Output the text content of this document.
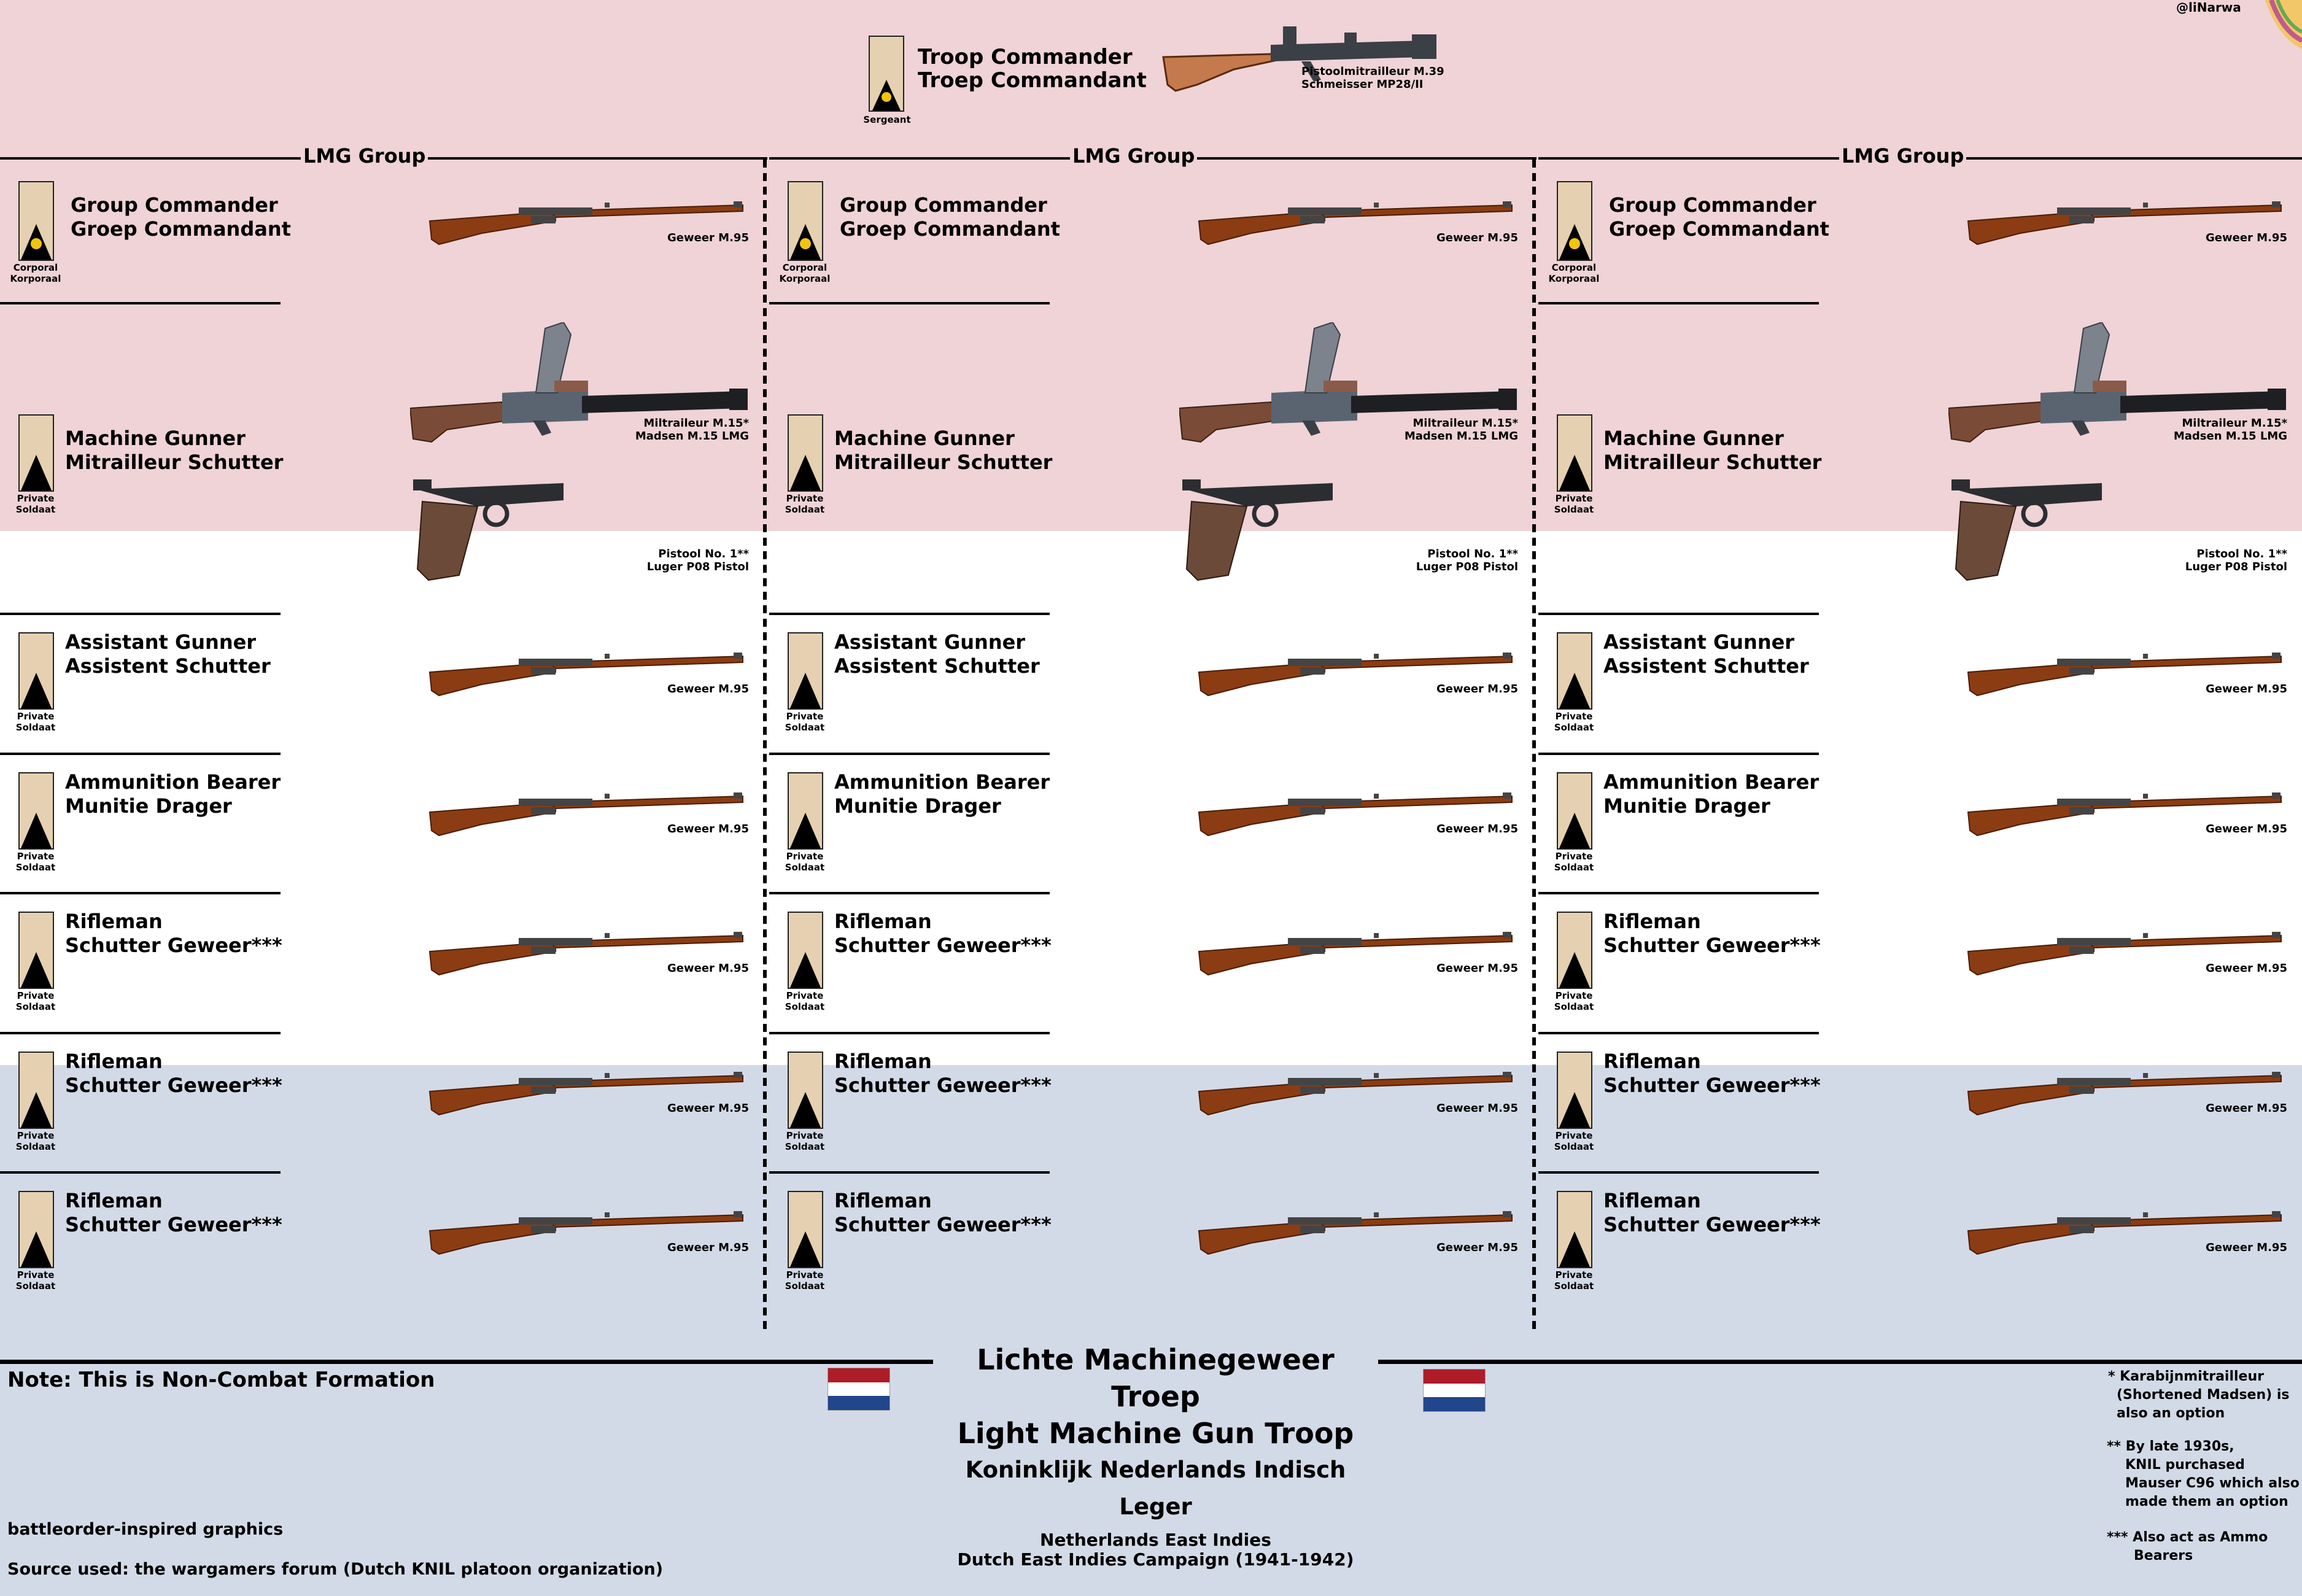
@liNarwa
Sergeant
Troop Commander
Troep Commandant	Pistoolmitrailleur M.39
Schmeisser MP28/II
LMG Group
Corporal
Korporaal
Group Commander
Groep Commandant	Geweer M.95
Private
Soldaat
Machine Gunner
Mitrailleur Schutter
Miltraileur M.15*
Madsen M.15 LMG
Pistool No. 1**
Luger P08 Pistol
Private
Soldaat
Assistant Gunner
Assistent Schutter
Geweer M.95
Private
Soldaat
Ammunition Bearer
Munitie Drager
Geweer M.95
Private
Soldaat
Rifleman
Schutter Geweer***
Geweer M.95
Private
Soldaat
Rifleman
Schutter Geweer***
Geweer M.95
Private
Soldaat
Rifleman
Schutter Geweer***
Geweer M.95
LMG Group
Corporal
Korporaal
Group Commander
Groep Commandant	Geweer M.95
Private
Soldaat
Machine Gunner
Mitrailleur Schutter
Miltraileur M.15*
Madsen M.15 LMG
Pistool No. 1**
Luger P08 Pistol
Private
Soldaat
Assistant Gunner
Assistent Schutter
Geweer M.95
Private
Soldaat
Ammunition Bearer
Munitie Drager
Geweer M.95
Private
Soldaat
Rifleman
Schutter Geweer***
Geweer M.95
Private
Soldaat
Rifleman
Schutter Geweer***
Geweer M.95
Private
Soldaat
Rifleman
Schutter Geweer***
Geweer M.95
LMG Group
Corporal
Korporaal
Group Commander
Groep Commandant	Geweer M.95
Private
Soldaat
Machine Gunner
Mitrailleur Schutter
Miltraileur M.15*
Madsen M.15 LMG
Pistool No. 1**
Luger P08 Pistol
Private
Soldaat
Assistant Gunner
Assistent Schutter
Geweer M.95
Private
Soldaat
Ammunition Bearer
Munitie Drager
Geweer M.95
Private
Soldaat
Rifleman
Schutter Geweer***
Geweer M.95
Private
Soldaat
Rifleman
Schutter Geweer***
Geweer M.95
Private
Soldaat
Rifleman
Schutter Geweer***
Geweer M.95
Lichte Machinegeweer Troep
Light Machine Gun Troop
Koninklijk Nederlands Indisch Leger
Netherlands East Indies
Dutch East Indies Campaign (1941-1942)
Note: This is Non-Combat Formation
battleorder-inspired graphics
Source used: the wargamers forum (Dutch KNIL platoon organization)
* Karabijnmitrailleur
(Shortened Madsen) is
also an option
** By late 1930s,
KNIL purchased
Mauser C96 which also
made them an option
*** Also act as Ammo
Bearers
